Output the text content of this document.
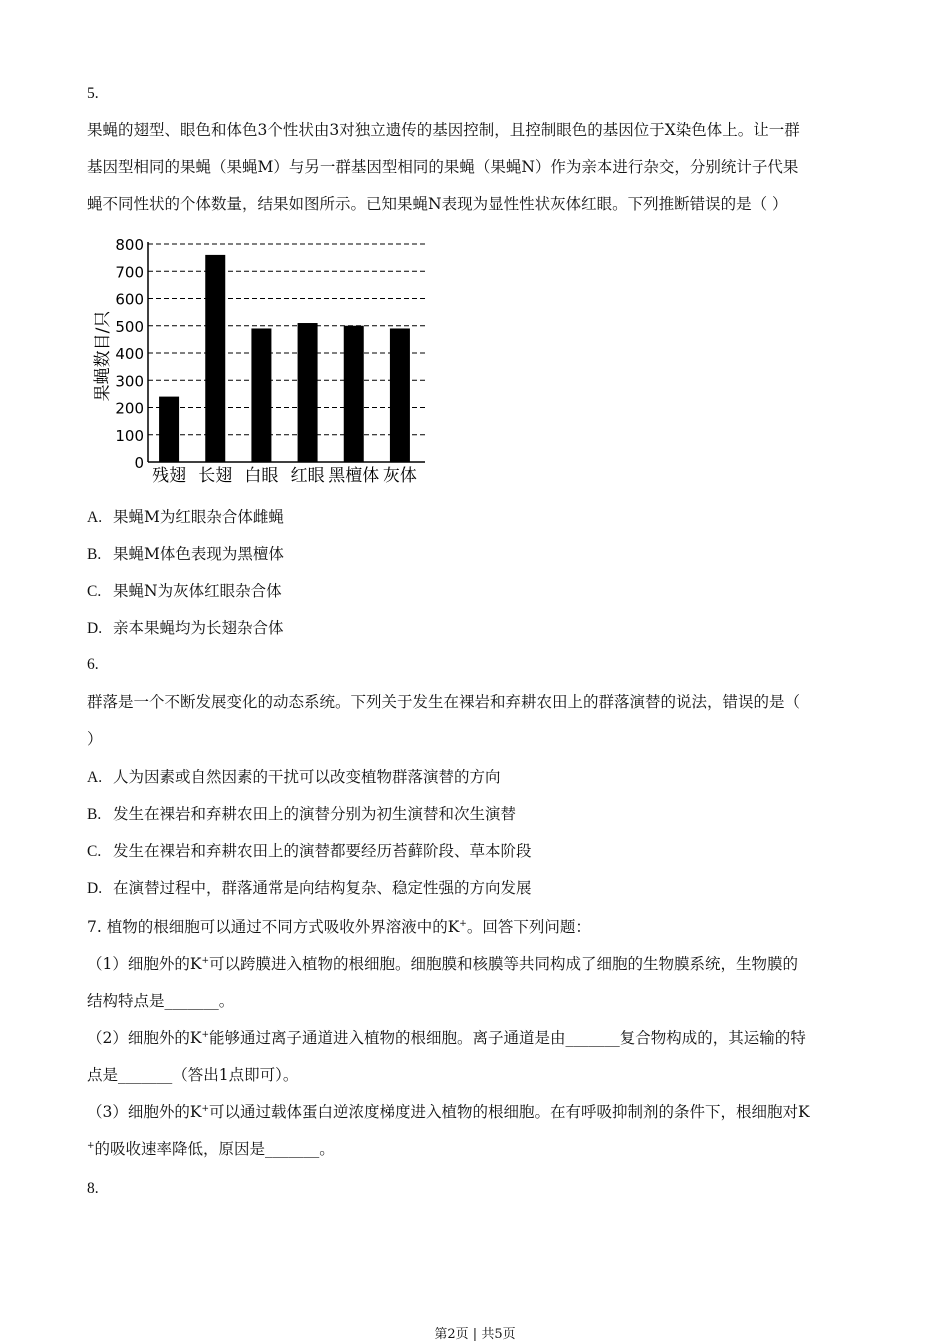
5.
果蝇的翅型、眼色和体色3个性状由3对独立遗传的基因控制，且控制眼色的基因位于X染色体上。让一群
基因型相同的果蝇（果蝇M）与另一群基因型相同的果蝇（果蝇N）作为亲本进行杂交，分别统计子代果
蝇不同性状的个体数量，结果如图所示。已知果蝇N表现为显性性状灰体红眼。下列推断错误的是（ ）
0
100
200
300
400
500
600
700
800
残翅 长翅 白眼 红眼 黑檀体 灰体
果蝇数目/只
A. 果蝇M为红眼杂合体雌蝇
B. 果蝇M体色表现为黑檀体
C. 果蝇N为灰体红眼杂合体
D. 亲本果蝇均为长翅杂合体
6.
群落是一个不断发展变化的动态系统。下列关于发生在裸岩和弃耕农田上的群落演替的说法，错误的是（
）
A. 人为因素或自然因素的干扰可以改变植物群落演替的方向
B. 发生在裸岩和弃耕农田上的演替分别为初生演替和次生演替
C. 发生在裸岩和弃耕农田上的演替都要经历苔藓阶段、草本阶段
D. 在演替过程中，群落通常是向结构复杂、稳定性强的方向发展
7. 植物的根细胞可以通过不同方式吸收外界溶液中的K+。回答下列问题：
（1）细胞外的K+可以跨膜进入植物的根细胞。细胞膜和核膜等共同构成了细胞的生物膜系统，生物膜的
结构特点是_______。
（2）细胞外的K+能够通过离子通道进入植物的根细胞。离子通道是由_______复合物构成的，其运输的特
点是_______（答出1点即可）。
（3）细胞外的K+可以通过载体蛋白逆浓度梯度进入植物的根细胞。在有呼吸抑制剂的条件下，根细胞对K
+的吸收速率降低，原因是_______。
8.
第2页 | 共5页
